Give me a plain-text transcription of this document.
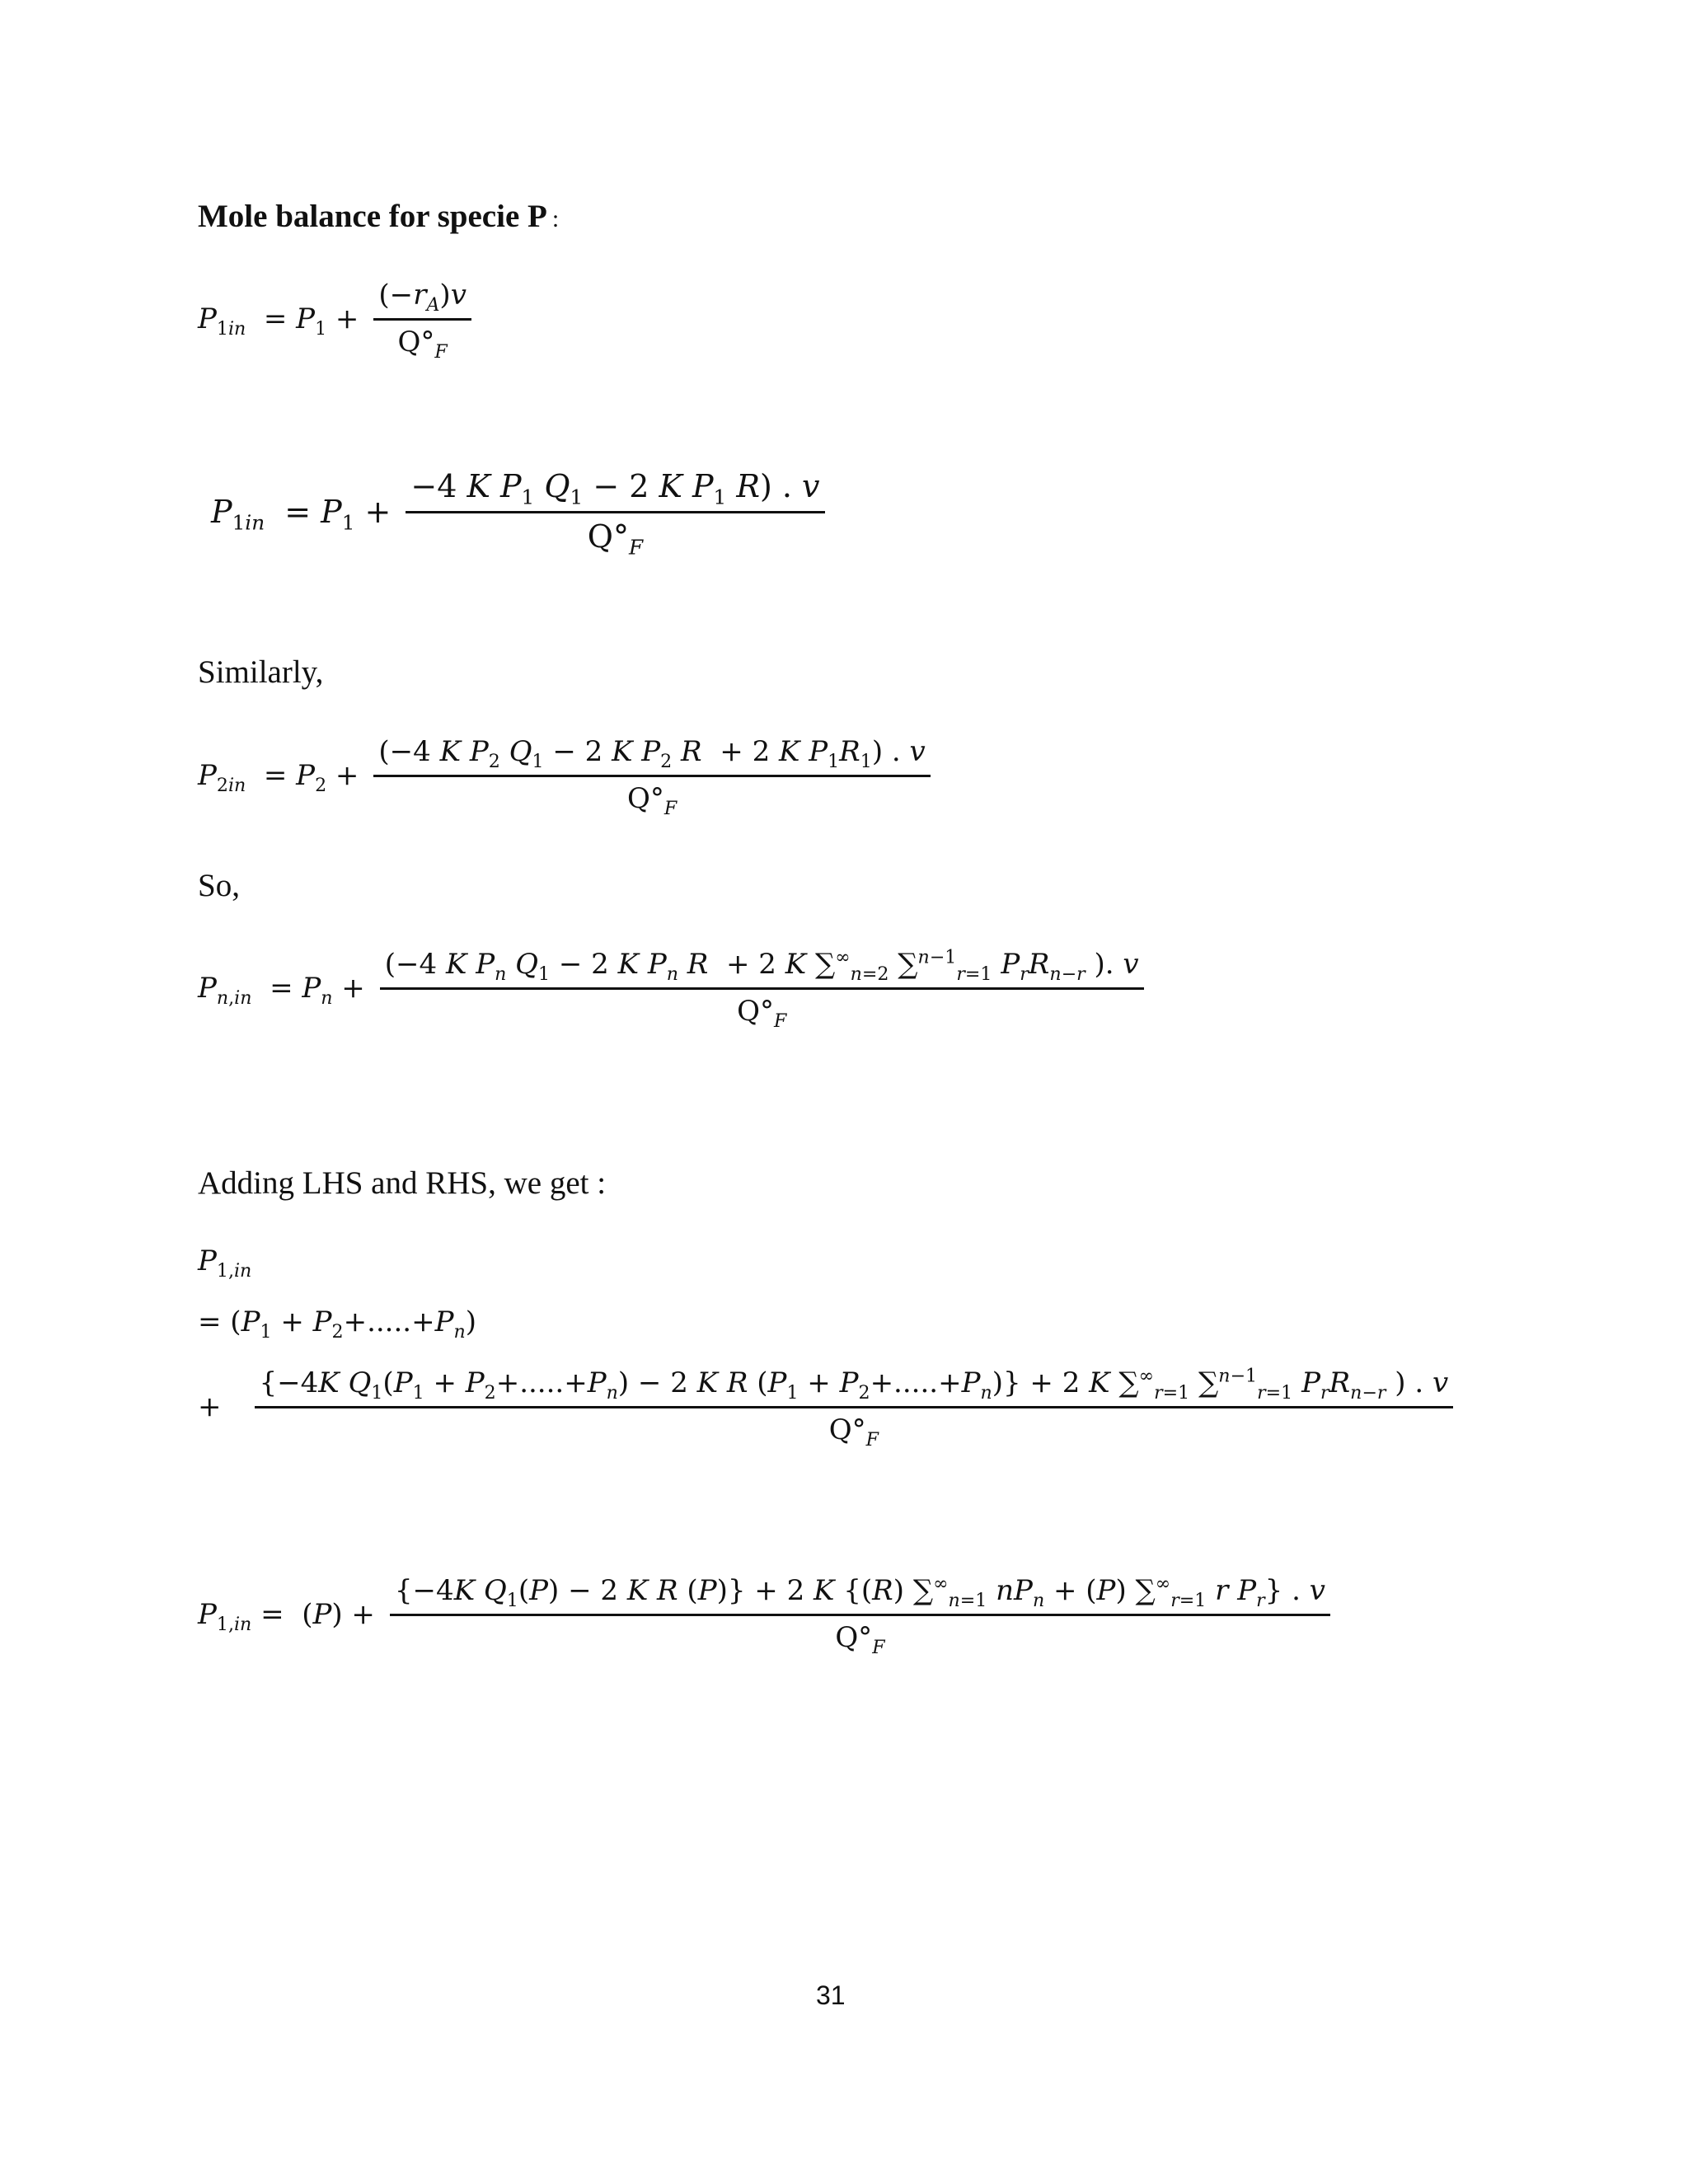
Mole balance for specie P :
$P_{1in} = P_1 + \frac{(-r_A)v}{Q^\circ_F}$
$P_{1in} = P_1 + \frac{-4 K P_1 Q_1 - 2 K P_1 R) . v}{Q^\circ_F}$
Similarly,
$P_{2in} = P_2 + \frac{(-4 K P_2 Q_1 - 2 K P_2 R + 2 K P_1R_1) . v}{Q^\circ_F}$
So,
$P_{n,in} = P_n + \frac{(-4 K P_n Q_1 - 2 K P_n R + 2 K \sum^\infty_{n=2} \sum^{n-1}_{r=1} P_rR_{n-r} ). v}{Q^\circ_F}$
Adding LHS and RHS, we get :
$P_{1,in}$
= $(P_1 + P_2+.....+P_n)$
+
{−4K $Q_1(P_1 + P_2+.....+P_n) - 2$ K R $(P_1 + P_2+.....+P_n)\} + 2$ K $\sum^\infty_{r=1}$ ∑$^{n-1}_{r=1}$ $P_rR_{n-r}$ ) . v
$Q^\circ_F$
$P_{1,in} = (P)$ +
{−4K $Q_1(P) - 2$ K R (P)} + 2 K {(R) $\sum^\infty_{n=1}$ $nP_n + (P)$ $\sum^\infty_{r=1}$ r $P_r$} . v
$Q^\circ_F$
31
